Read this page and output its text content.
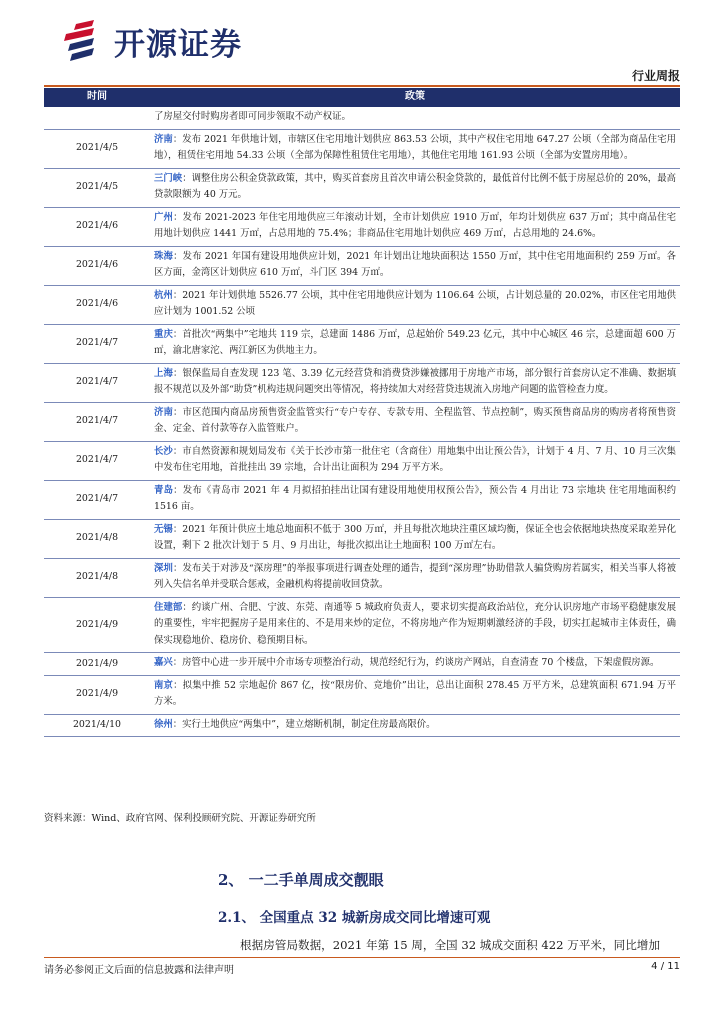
开源证券
行业周报
时间	政策
	了房屋交付时购房者即可同步领取不动产权证。
2021/4/5	济南：发布 2021 年供地计划，市辖区住宅用地计划供应 863.53 公顷，其中产权住宅用地 647.27 公顷（全部为商品住宅用地），租赁住宅用地 54.33 公顷（全部为保障性租赁住宅用地），其他住宅用地 161.93 公顷（全部为安置房用地）。
2021/4/5	三门峡：调整住房公积金贷款政策，其中，购买首套房且首次申请公积金贷款的，最低首付比例不低于房屋总价的 20%，最高贷款限额为 40 万元。
2021/4/6	广州：发布 2021-2023 年住宅用地供应三年滚动计划，全市计划供应 1910 万㎡，年均计划供应 637 万㎡；其中商品住宅用地计划供应 1441 万㎡，占总用地的 75.4%；非商品住宅用地计划供应 469 万㎡，占总用地的 24.6%。
2021/4/6	珠海：发布 2021 年国有建设用地供应计划，2021 年计划出让地块面积达 1550 万㎡，其中住宅用地面积约 259 万㎡。各区方面，金湾区计划供应 610 万㎡，斗门区 394 万㎡。
2021/4/6	杭州：2021 年计划供地 5526.77 公顷，其中住宅用地供应计划为 1106.64 公顷，占计划总量的 20.02%，市区住宅用地供应计划为 1001.52 公顷
2021/4/7	重庆：首批次“两集中”宅地共 119 宗，总建面 1486 万㎡，总起始价 549.23 亿元，其中中心城区 46 宗，总建面超 600 万㎡，渝北唐家沱、两江新区为供地主力。
2021/4/7	上海：银保监局自查发现 123 笔、3.39 亿元经营贷和消费贷涉嫌被挪用于房地产市场，部分银行首套房认定不准确、数据填报不规范以及外部“助贷”机构违规问题突出等情况，将持续加大对经营贷违规流入房地产问题的监管检查力度。
2021/4/7	济南：市区范围内商品房预售资金监管实行“专户专存、专款专用、全程监管、节点控制”，购买预售商品房的购房者将预售资金、定金、首付款等存入监管账户。
2021/4/7	长沙：市自然资源和规划局发布《关于长沙市第一批住宅（含商住）用地集中出让预公告》，计划于 4 月、7 月、10 月三次集中发布住宅用地，首批挂出 39 宗地，合计出让面积为 294 万平方米。
2021/4/7	青岛：发布《青岛市 2021 年 4 月拟招拍挂出让国有建设用地使用权预公告》，预公告 4 月出让 73 宗地块 住宅用地面积约 1516 亩。
2021/4/8	无锡：2021 年预计供应土地总地面积不低于 300 万㎡，并且每批次地块注重区域均衡，保证全也会依据地块热度采取差异化设置，剩下 2 批次计划于 5 月、9 月出让，每批次拟出让土地面积 100 万㎡左右。
2021/4/8	深圳：发布关于对涉及“深房理”的举报事项进行调查处理的通告，提到“深房理”协助借款人骗贷购房若属实，相关当事人将被列入失信名单并受联合惩戒，金融机构将提前收回贷款。
2021/4/9	住建部：约谈广州、合肥、宁波、东莞、南通等 5 城政府负责人，要求切实提高政治站位，充分认识房地产市场平稳健康发展的重要性，牢牢把握房子是用来住的、不是用来炒的定位，不将房地产作为短期刺激经济的手段，切实扛起城市主体责任，确保实现稳地价、稳房价、稳预期目标。
2021/4/9	嘉兴：房管中心进一步开展中介市场专项整治行动，规范经纪行为，约谈房产网站，自查清查 70 个楼盘，下架虚假房源。
2021/4/9	南京：拟集中推 52 宗地起价 867 亿，按“限房价、竞地价”出让，总出让面积 278.45 万平方米，总建筑面积 671.94 万平方米。
2021/4/10	徐州：实行土地供应“两集中”，建立熔断机制，制定住房最高限价。
资料来源：Wind、政府官网、保利投顾研究院、开源证券研究所
2、 一二手单周成交靓眼
2.1、 全国重点 32 城新房成交同比增速可观
根据房管局数据，2021 年第 15 周，全国 32 城成交面积 422 万平米，同比增加
请务必参阅正文后面的信息披露和法律声明	4 / 11
